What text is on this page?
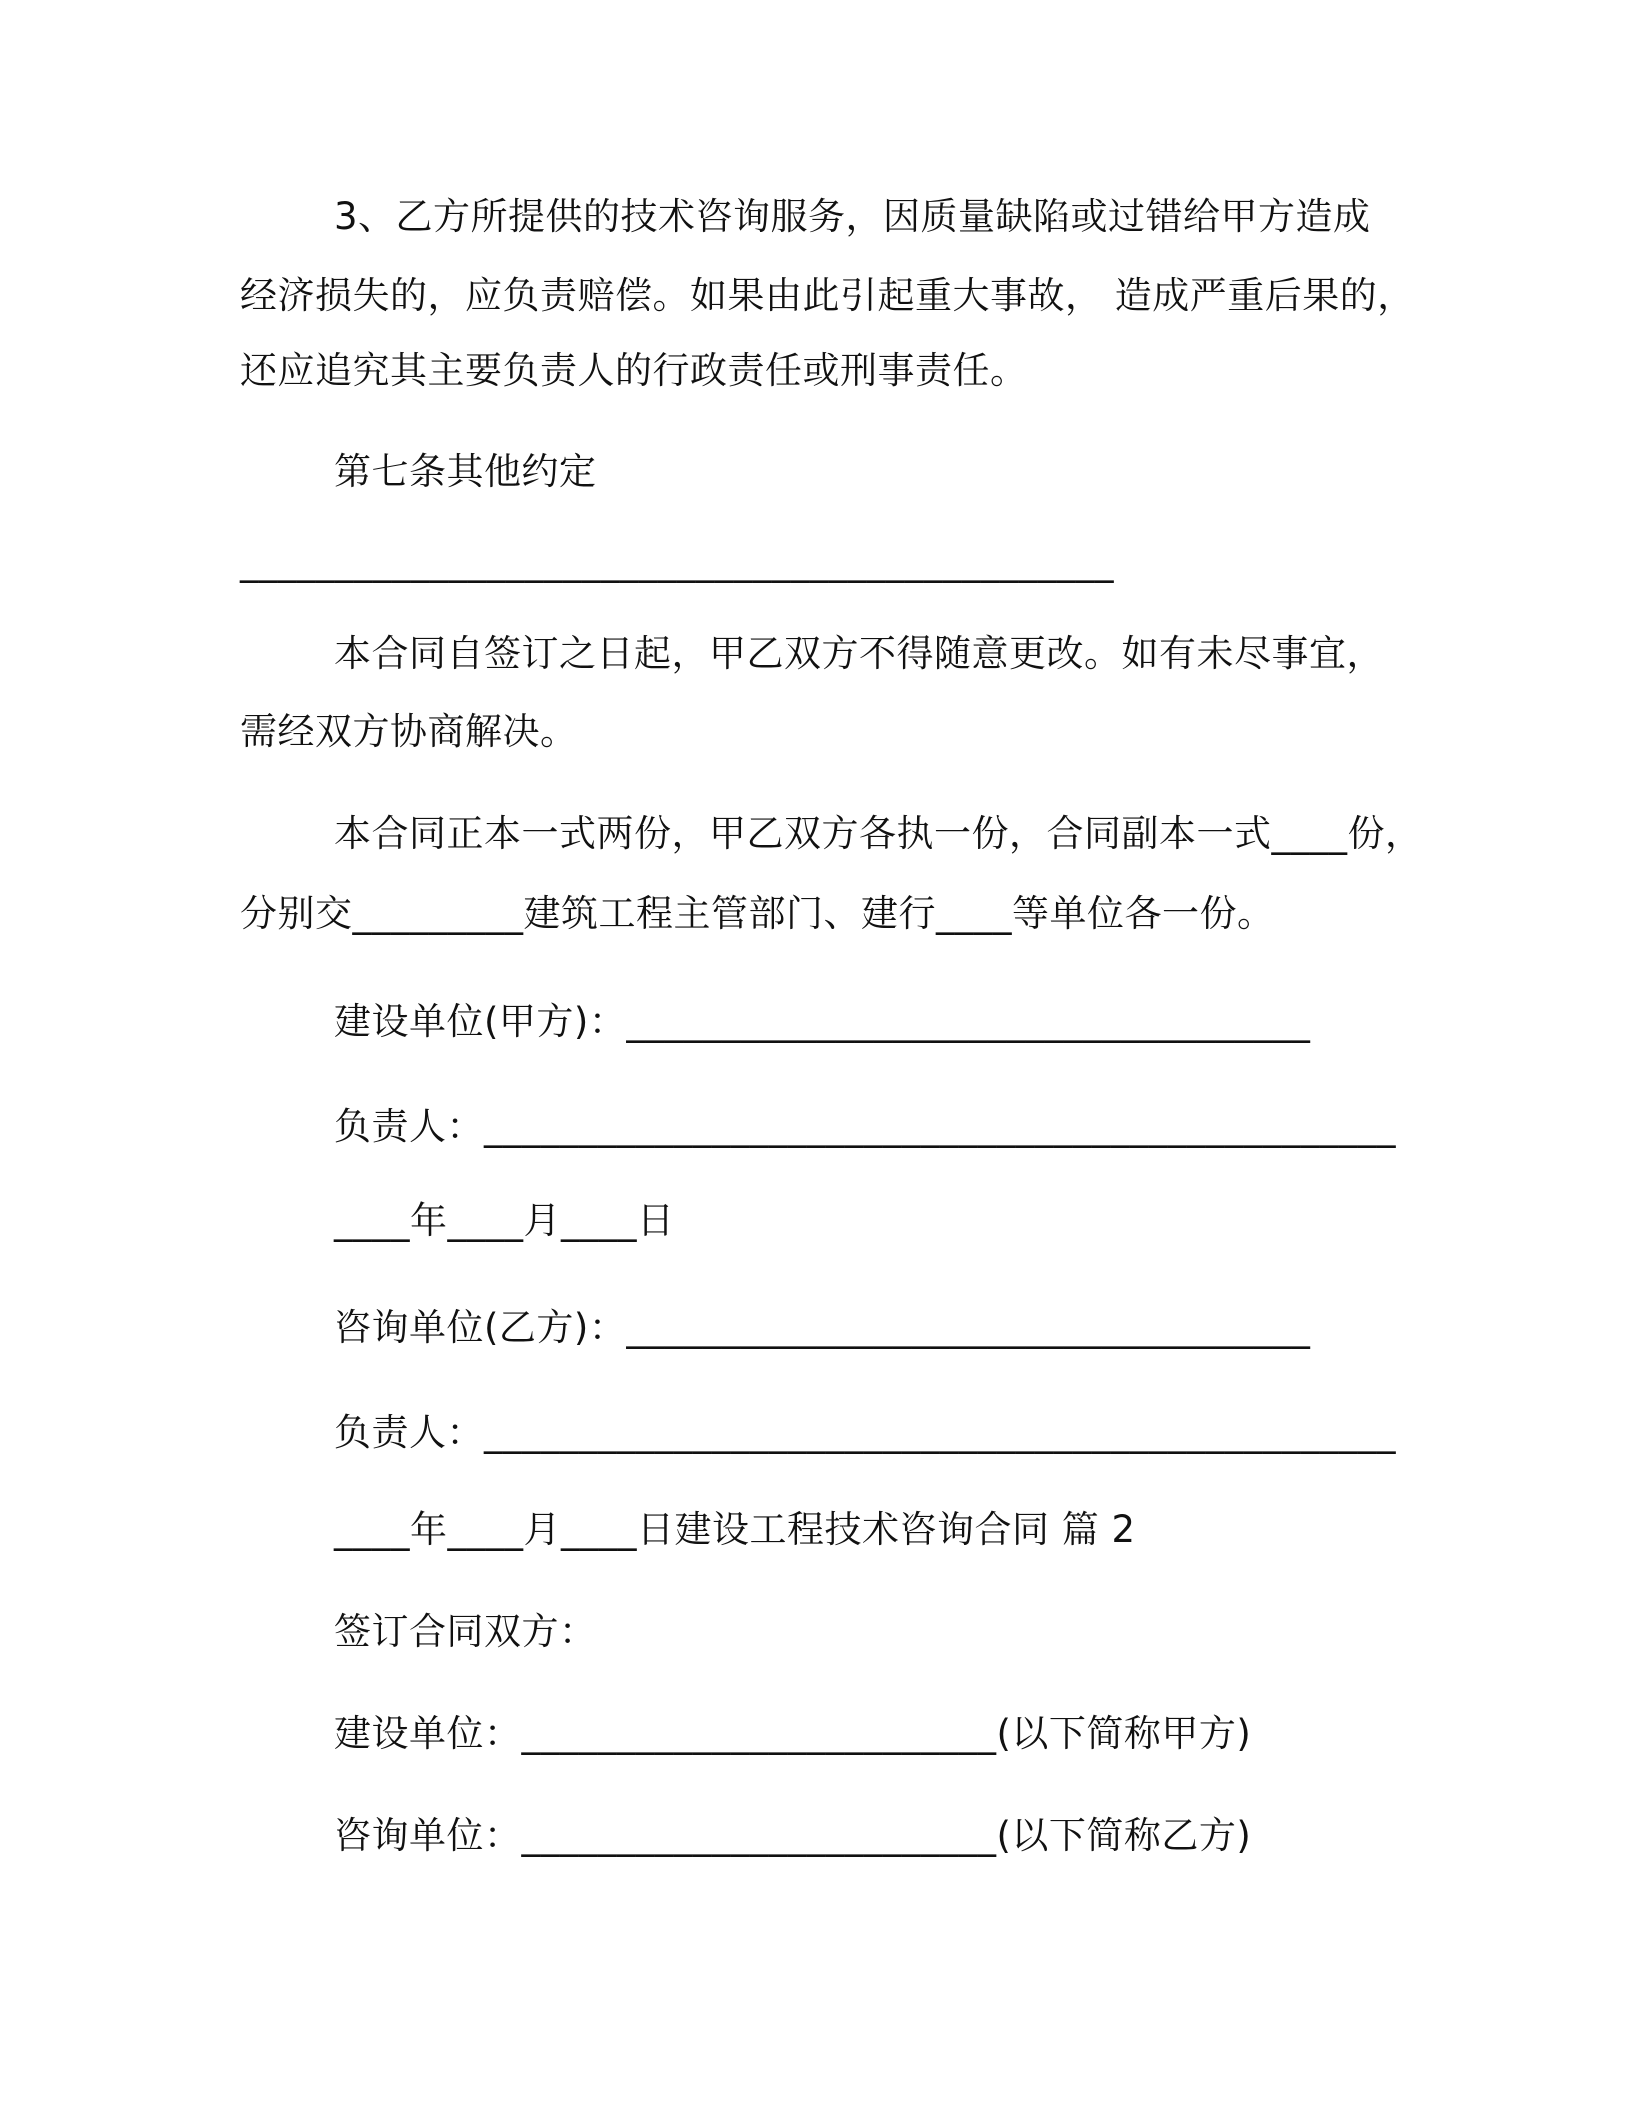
3、乙方所提供的技术咨询服务，因质量缺陷或过错给甲方造成
经济损失的，应负责赔偿。如果由此引起重大事故， 造成严重后果的，
还应追究其主要负责人的行政责任或刑事责任。
第七条其他约定
______________________________________________
本合同自签订之日起，甲乙双方不得随意更改。如有未尽事宜，
需经双方协商解决。
本合同正本一式两份，甲乙双方各执一份，合同副本一式____份，
分别交_________建筑工程主管部门、建行____等单位各一份。
建设单位(甲方)：____________________________________
负责人：________________________________________________
____年____月____日
咨询单位(乙方)：____________________________________
负责人：________________________________________________
____年____月____日建设工程技术咨询合同 篇 2
签订合同双方：
建设单位：_________________________(以下简称甲方)
咨询单位：_________________________(以下简称乙方)
